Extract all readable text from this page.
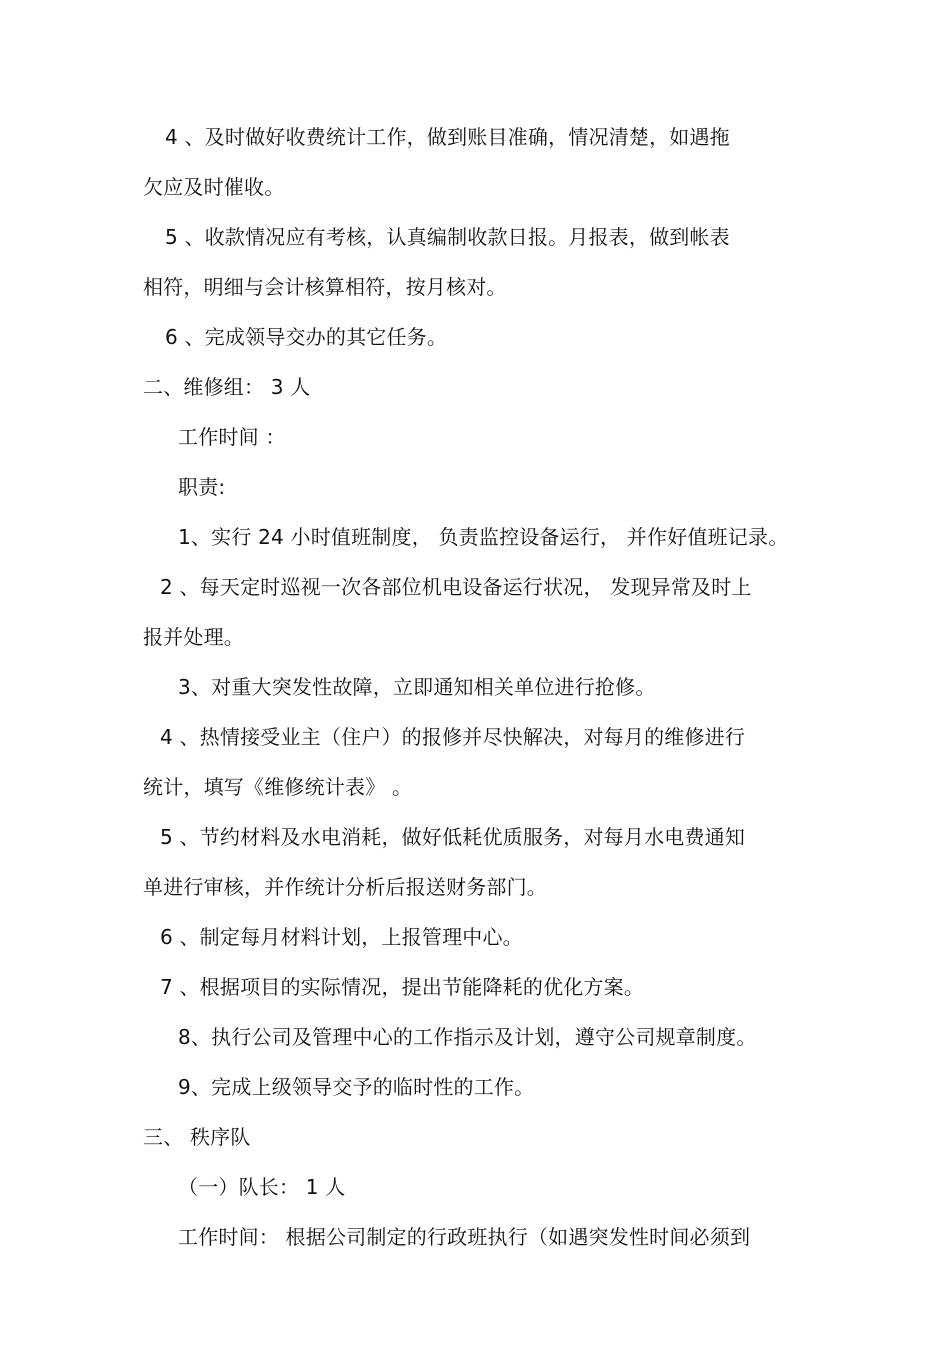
4 、及时做好收费统计工作，做到账目准确，情况清楚，如遇拖
欠应及时催收。
5 、收款情况应有考核，认真编制收款日报。月报表，做到帐表
相符，明细与会计核算相符，按月核对。
6 、完成领导交办的其它任务。
二、维修组： 3 人
工作时间 ：
职责:
1、实行 24 小时值班制度， 负责监控设备运行， 并作好值班记录。
2 、每天定时巡视一次各部位机电设备运行状况， 发现异常及时上
报并处理。
3、对重大突发性故障，立即通知相关单位进行抢修。
4 、热情接受业主（住户）的报修并尽快解决，对每月的维修进行
统计，填写《维修统计表》 。
5 、节约材料及水电消耗，做好低耗优质服务，对每月水电费通知
单进行审核，并作统计分析后报送财务部门。
6 、制定每月材料计划，上报管理中心。
7 、根据项目的实际情况，提出节能降耗的优化方案。
8、执行公司及管理中心的工作指示及计划，遵守公司规章制度。
9、完成上级领导交予的临时性的工作。
三、 秩序队
（一）队长： 1 人
工作时间： 根据公司制定的行政班执行（如遇突发性时间必须到
